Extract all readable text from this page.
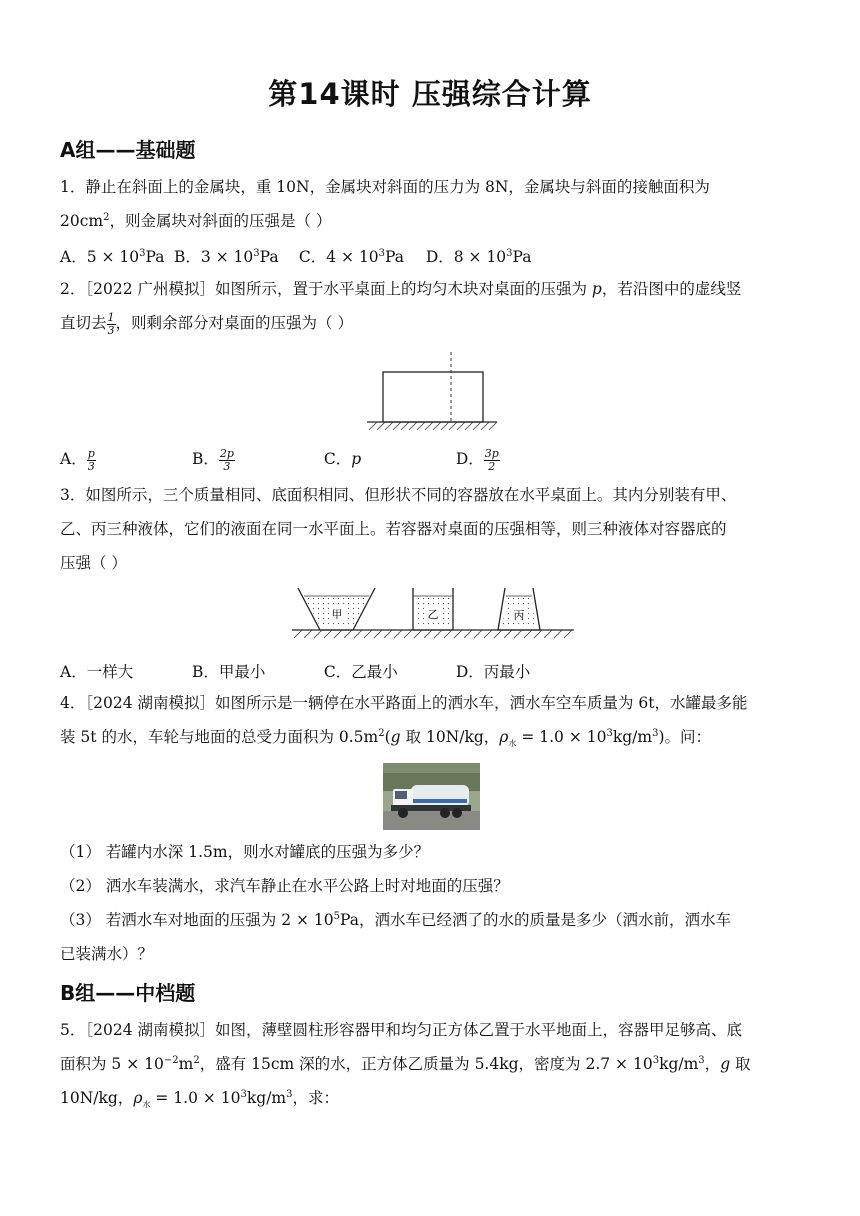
第14课时 压强综合计算
A组——基础题
1．静止在斜面上的金属块，重 10N，金属块对斜面的压力为 8N，金属块与斜面的接触面积为
$20cm^2$，则金属块对斜面的压强是（ ）
A．$5 \times 10^3Pa$ B．$3 \times 10^3Pa$ C．$4 \times 10^3Pa$ D．$8 \times 10^3Pa$
2．［2022 广州模拟］如图所示，置于水平桌面上的均匀木块对桌面的压强为 p，若沿图中的虚线竖
直切去 $\frac{1}{3}$ ，则剩余部分对桌面的压强为（ ）
A． $\frac{p}{3}$	B． $\frac{2p}{3}$	C．p	D． $\frac{3p}{2}$
3．如图所示，三个质量相同、底面积相同、但形状不同的容器放在水平桌面上。其内分别装有甲、
乙、丙三种液体，它们的液面在同一水平面上。若容器对桌面的压强相等，则三种液体对容器底的
压强（ ）
甲	乙	丙
A．一样大	B．甲最小	C．乙最小	D．丙最小
4．［2024 湖南模拟］如图所示是一辆停在水平路面上的洒水车，洒水车空车质量为 6t，水罐最多能
装 5t 的水，车轮与地面的总受力面积为 $0.5m^2(g$ 取 10N/kg，$\rho_水 = 1.0 \times 10^3kg/m^3$)。问：
（1） 若罐内水深 1.5m，则水对罐底的压强为多少？
（2） 洒水车装满水，求汽车静止在水平公路上时对地面的压强？
（3） 若洒水车对地面的压强为 $2 \times 10^5Pa$，洒水车已经洒了的水的质量是多少（洒水前，洒水车
已装满水）？
B组——中档题
5．［2024 湖南模拟］如图，薄壁圆柱形容器甲和均匀正方体乙置于水平地面上，容器甲足够高、底
面积为 $5 \times 10^{-2}m^2$，盛有 15cm 深的水，正方体乙质量为 5.4kg，密度为 $2.7 \times 10^3kg/m^3$，g 取
10N/kg，$\rho_水 = 1.0 \times 10^3kg/m^3$，求：
